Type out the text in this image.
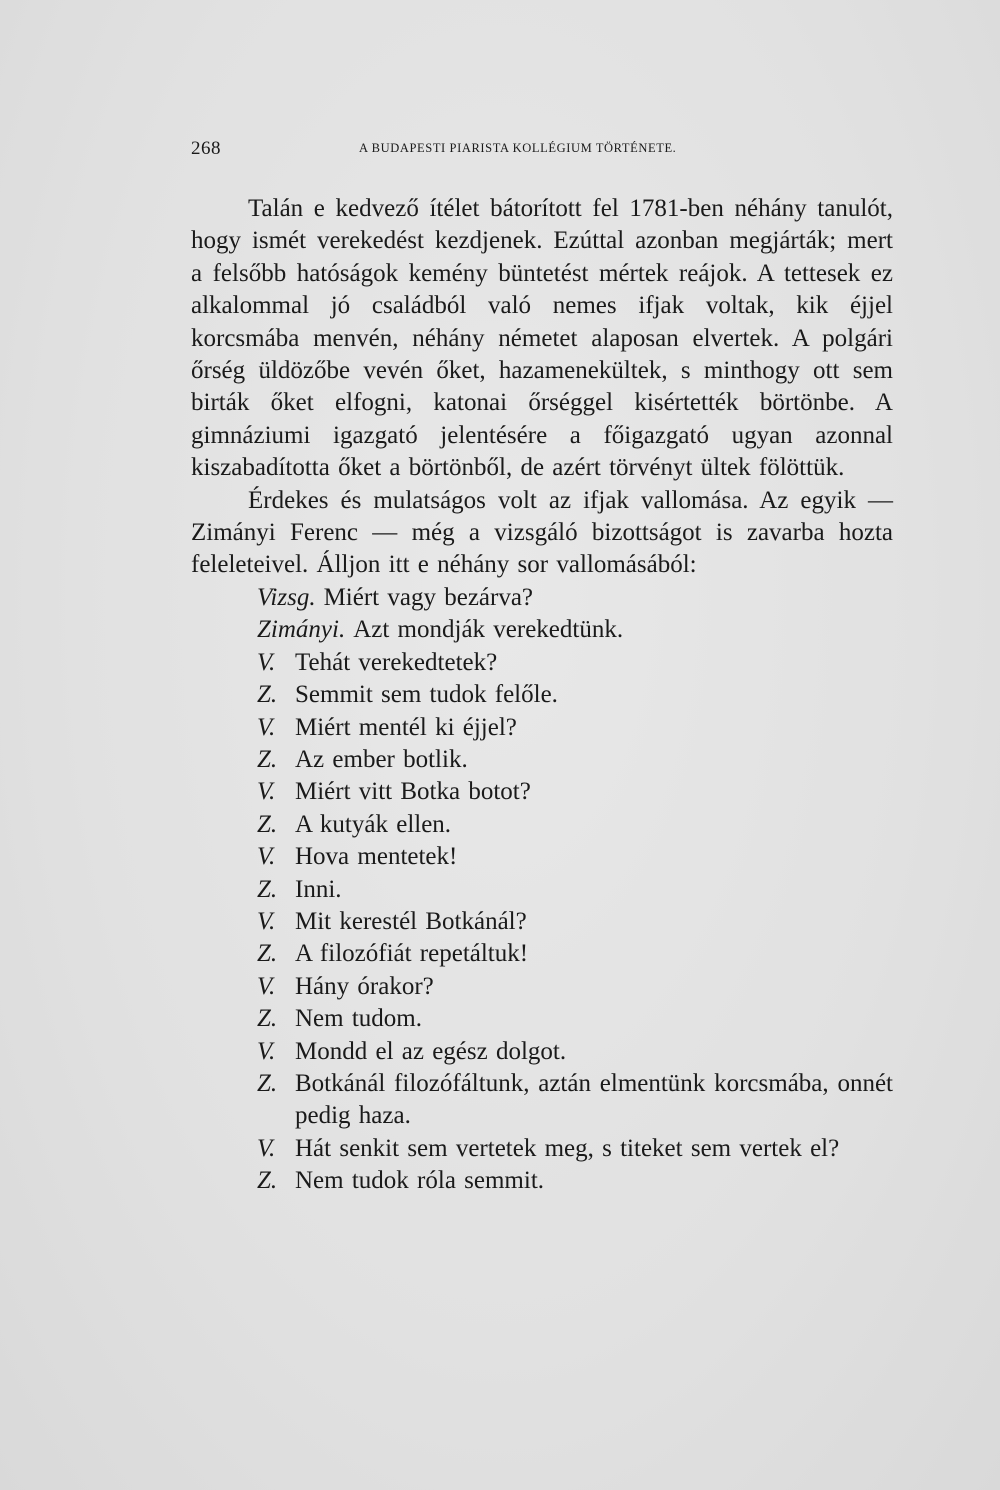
268	A BUDAPESTI PIARISTA KOLLÉGIUM TÖRTÉNETE.

Talán e kedvező ítélet bátorított fel 1781-ben néhány tanulót, hogy ismét verekedést kezdjenek. Ezúttal azonban megjárták; mert a felsőbb hatóságok kemény büntetést mértek reájok. A tettesek ez alkalommal jó családból való nemes ifjak voltak, kik éjjel korcsmába menvén, néhány németet alaposan elvertek. A polgári őrség üldözőbe vevén őket, hazamenekültek, s minthogy ott sem birták őket elfogni, katonai őrséggel kisértették börtönbe. A gimnáziumi igazgató jelentésére a főigazgató ugyan azonnal kiszabadította őket a börtönből, de azért törvényt ültek fölöttük.

Érdekes és mulatságos volt az ifjak vallomása. Az egyik — Zimányi Ferenc — még a vizsgáló bizottságot is zavarba hozta feleleteivel. Álljon itt e néhány sor vallomásából:

Vizsg. Miért vagy bezárva?
Zimányi. Azt mondják verekedtünk.
V. Tehát verekedtetek?
Z. Semmit sem tudok felőle.
V. Miért mentél ki éjjel?
Z. Az ember botlik.
V. Miért vitt Botka botot?
Z. A kutyák ellen.
V. Hova mentetek!
Z. Inni.
V. Mit kerestél Botkánál?
Z. A filozófiát repetáltuk!
V. Hány órakor?
Z. Nem tudom.
V. Mondd el az egész dolgot.
Z. Botkánál filozófáltunk, aztán elmentünk korcsmába, onnét pedig haza.
V. Hát senkit sem vertetek meg, s titeket sem vertek el?
Z. Nem tudok róla semmit.
